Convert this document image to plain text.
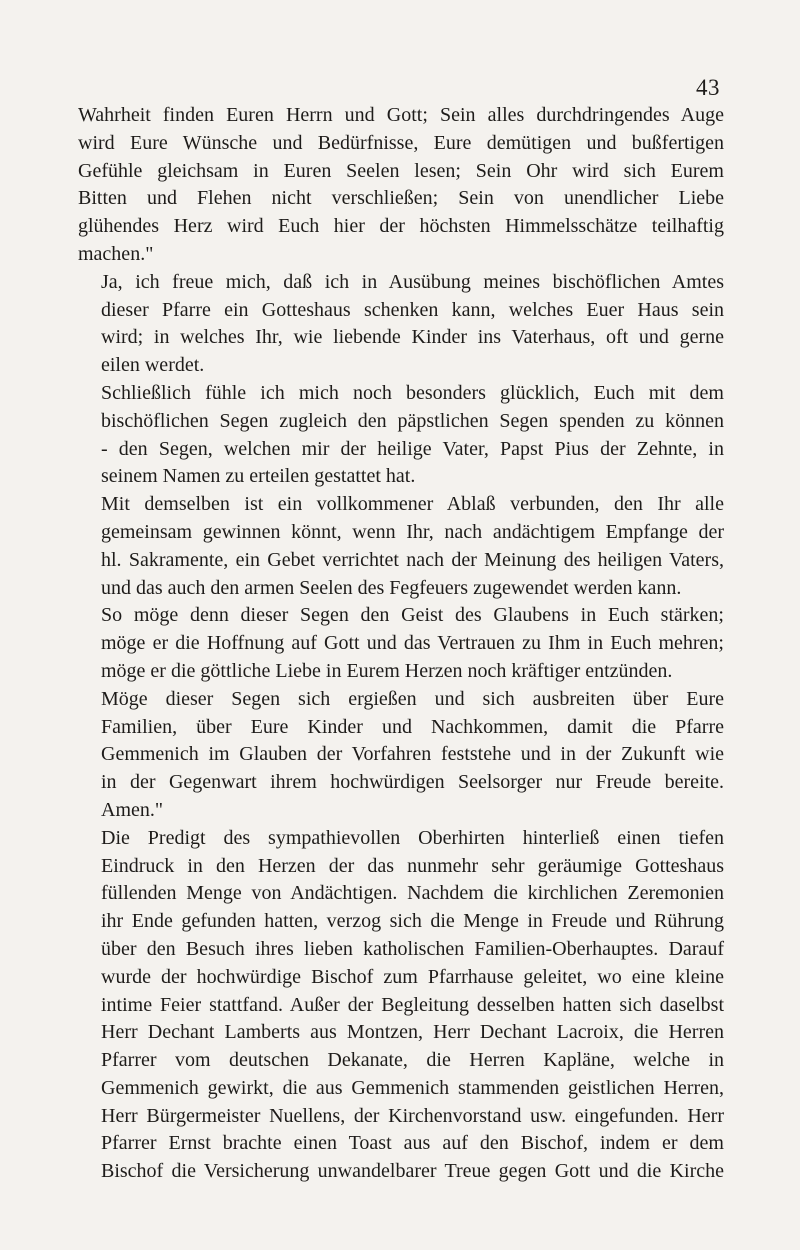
43

Wahrheit finden Euren Herrn und Gott; Sein alles durchdringendes Auge
wird Eure Wünsche und Bedürfnisse, Eure demütigen und bußfertigen
Gefühle gleichsam in Euren Seelen lesen; Sein Ohr wird sich Eurem
Bitten und Flehen nicht verschließen; Sein von unendlicher Liebe
glühendes Herz wird Euch hier der höchsten Himmelsschätze teilhaftig
machen."

Ja, ich freue mich, daß ich in Ausübung meines bischöflichen Amtes
dieser Pfarre ein Gotteshaus schenken kann, welches Euer Haus sein
wird; in welches Ihr, wie liebende Kinder ins Vaterhaus, oft und gerne
eilen werdet.

Schließlich fühle ich mich noch besonders glücklich, Euch mit dem
bischöflichen Segen zugleich den päpstlichen Segen spenden zu können
- den Segen, welchen mir der heilige Vater, Papst Pius der Zehnte, in
seinem Namen zu erteilen gestattet hat.

Mit demselben ist ein vollkommener Ablaß verbunden, den Ihr alle
gemeinsam gewinnen könnt, wenn Ihr, nach andächtigem Empfange der
hl. Sakramente, ein Gebet verrichtet nach der Meinung des heiligen Vaters,
und das auch den armen Seelen des Fegfeuers zugewendet werden kann.

So möge denn dieser Segen den Geist des Glaubens in Euch stärken;
möge er die Hoffnung auf Gott und das Vertrauen zu Ihm in Euch mehren;
möge er die göttliche Liebe in Eurem Herzen noch kräftiger entzünden.

Möge dieser Segen sich ergießen und sich ausbreiten über Eure
Familien, über Eure Kinder und Nachkommen, damit die Pfarre
Gemmenich im Glauben der Vorfahren feststehe und in der Zukunft wie
in der Gegenwart ihrem hochwürdigen Seelsorger nur Freude bereite.
Amen."

Die Predigt des sympathievollen Oberhirten hinterließ einen tiefen
Eindruck in den Herzen der das nunmehr sehr geräumige Gotteshaus
füllenden Menge von Andächtigen. Nachdem die kirchlichen Zeremonien
ihr Ende gefunden hatten, verzog sich die Menge in Freude und Rührung
über den Besuch ihres lieben katholischen Familien-Oberhauptes. Darauf
wurde der hochwürdige Bischof zum Pfarrhause geleitet, wo eine kleine
intime Feier stattfand. Außer der Begleitung desselben hatten sich daselbst
Herr Dechant Lamberts aus Montzen, Herr Dechant Lacroix, die Herren
Pfarrer vom deutschen Dekanate, die Herren Kapläne, welche in
Gemmenich gewirkt, die aus Gemmenich stammenden geistlichen Herren,
Herr Bürgermeister Nuellens, der Kirchenvorstand usw. eingefunden. Herr
Pfarrer Ernst brachte einen Toast aus auf den Bischof, indem er dem
Bischof die Versicherung unwandelbarer Treue gegen Gott und die Kirche
